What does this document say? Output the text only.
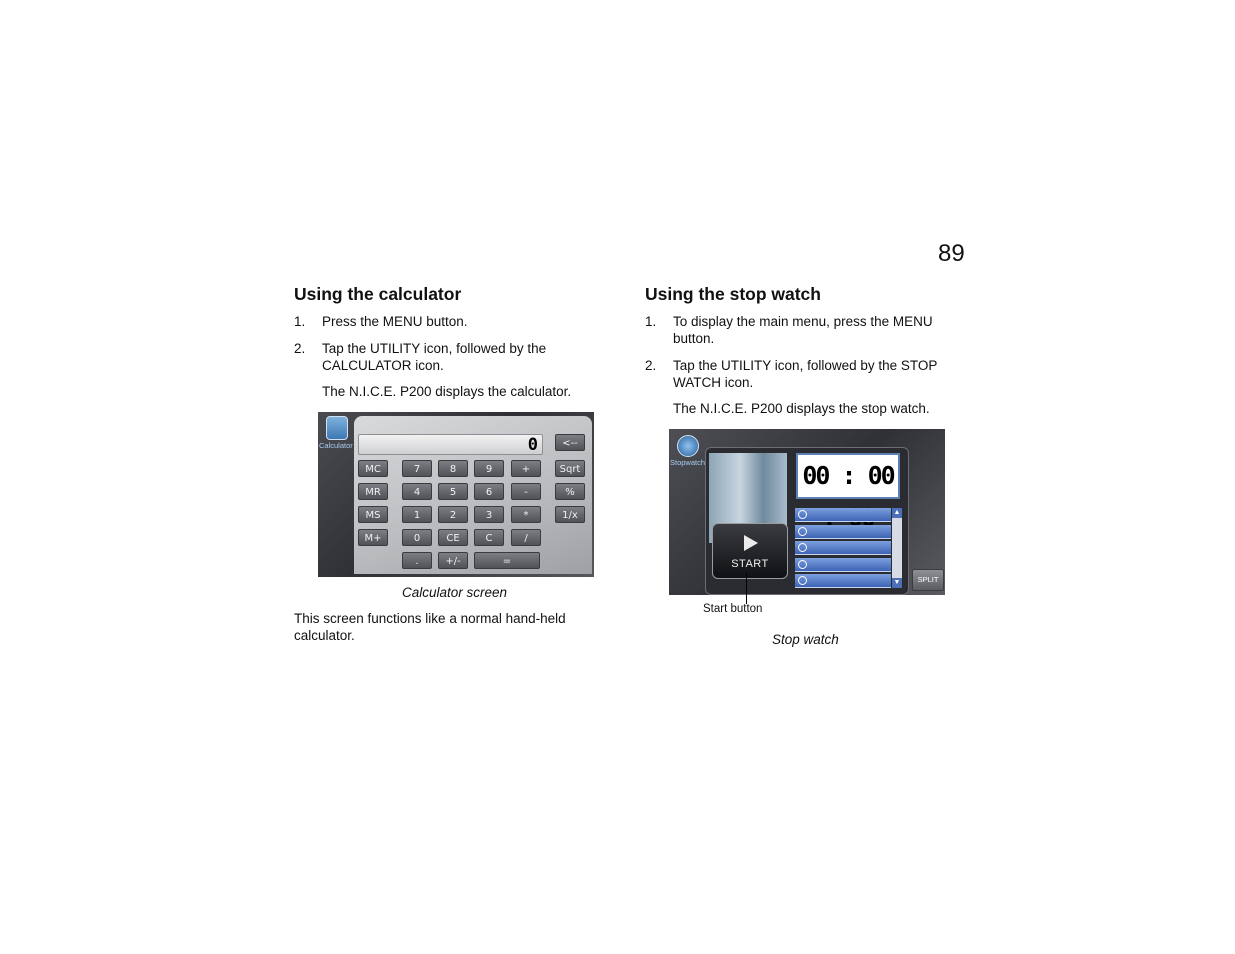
89
Using the calculator
1. Press the MENU button.
2. Tap the UTILITY icon, followed by the
CALCULATOR icon.
The N.I.C.E. P200 displays the calculator.
Calculator	0	<--
MC	7	8	9	+	Sqrt
MR	4	5	6	-	%
MS	1	2	3	*	1/x
M+	0	CE	C	/
.	+/-	=
Calculator screen
This screen functions like a normal hand-held
calculator.
Using the stop watch
1. To display the main menu, press the MENU
button.
2. Tap the UTILITY icon, followed by the STOP
WATCH icon.
The N.I.C.E. P200 displays the stop watch.
Stopwatch	00 : 00
▲
▼
START
SPLIT
Start button
Stop watch
